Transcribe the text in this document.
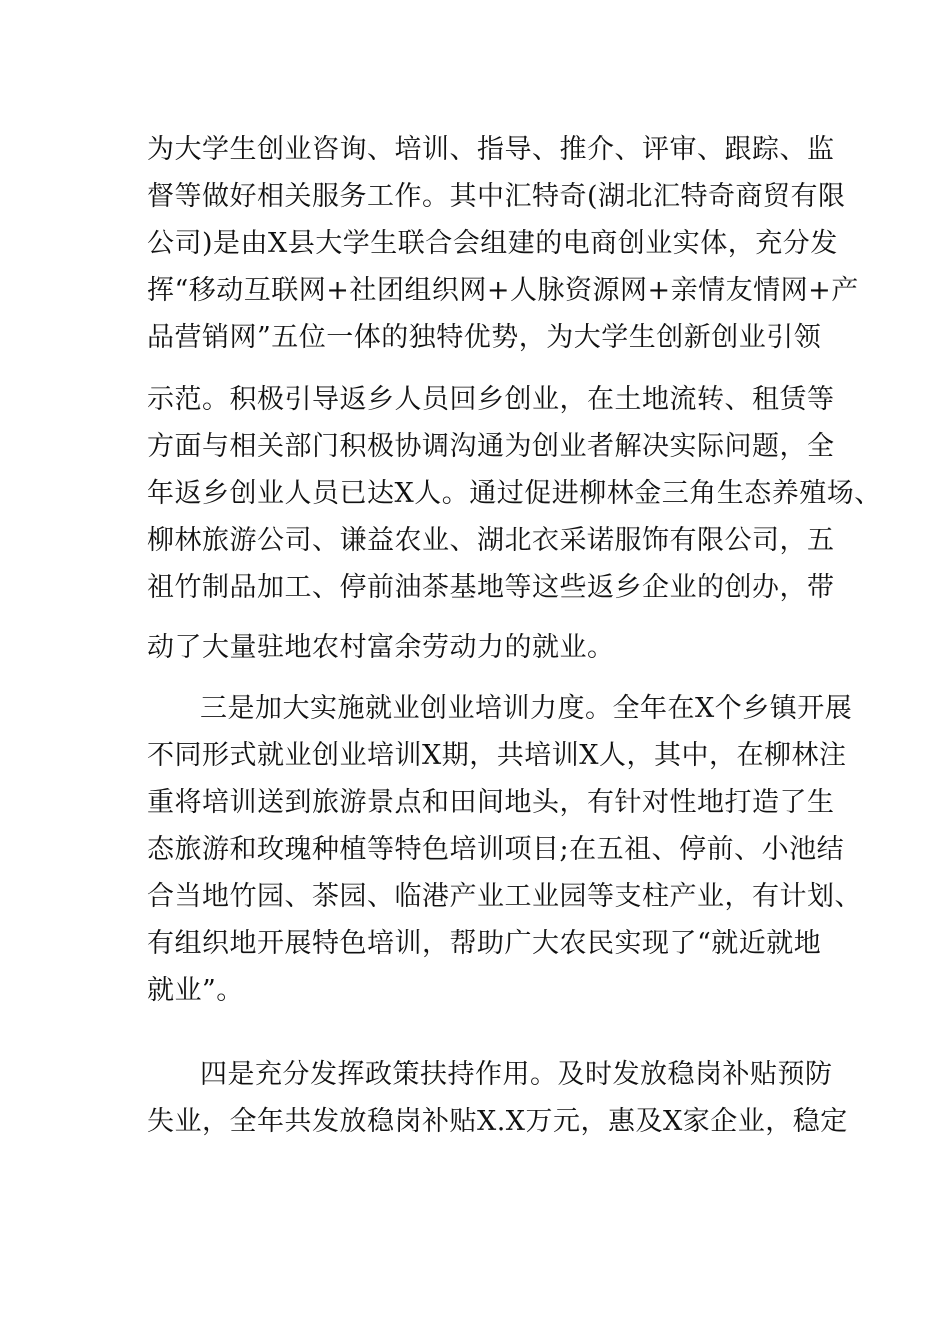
为大学生创业咨询、培训、指导、推介、评审、跟踪、监
督等做好相关服务工作。其中汇特奇(湖北汇特奇商贸有限
公司)是由X县大学生联合会组建的电商创业实体，充分发
挥“移动互联网+社团组织网+人脉资源网+亲情友情网+产
品营销网”五位一体的独特优势，为大学生创新创业引领
示范。积极引导返乡人员回乡创业，在土地流转、租赁等
方面与相关部门积极协调沟通为创业者解决实际问题，全
年返乡创业人员已达X人。通过促进柳林金三角生态养殖场、
柳林旅游公司、谦益农业、湖北衣采诺服饰有限公司，五
祖竹制品加工、停前油茶基地等这些返乡企业的创办，带
动了大量驻地农村富余劳动力的就业。
三是加大实施就业创业培训力度。全年在X个乡镇开展
不同形式就业创业培训X期，共培训X人，其中，在柳林注
重将培训送到旅游景点和田间地头，有针对性地打造了生
态旅游和玫瑰种植等特色培训项目;在五祖、停前、小池结
合当地竹园、茶园、临港产业工业园等支柱产业，有计划、
有组织地开展特色培训，帮助广大农民实现了“就近就地
就业”。
四是充分发挥政策扶持作用。及时发放稳岗补贴预防
失业，全年共发放稳岗补贴X.X万元，惠及X家企业，稳定
